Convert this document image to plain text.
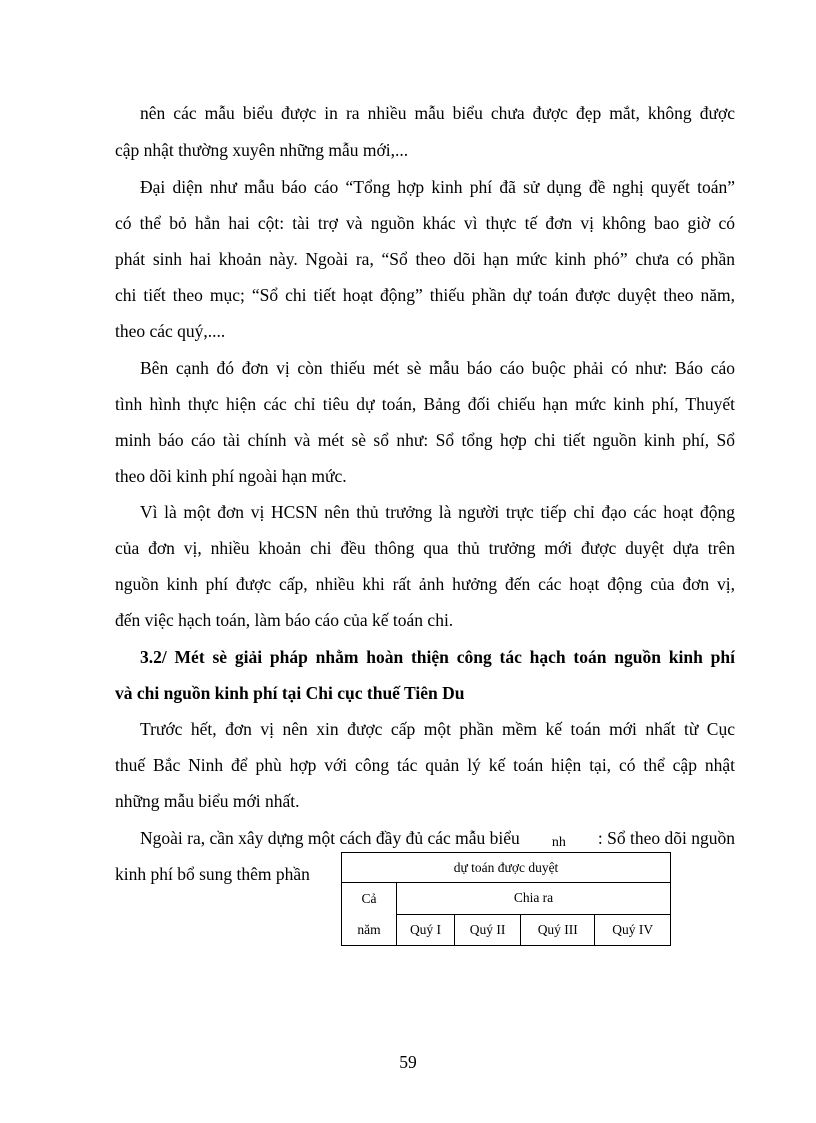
nên các mẫu biểu được in ra nhiều mẫu biểu chưa được đẹp mắt, không được
cập nhật thường xuyên những mẫu mới,...
Đại diện như mẫu báo cáo “Tổng hợp kinh phí đã sử dụng đề nghị quyết toán”
có thể bỏ hẳn hai cột: tài trợ và nguồn khác vì thực tế đơn vị không bao giờ có
phát sinh hai khoản này. Ngoài ra, “Sổ theo dõi hạn mức kinh phó” chưa có phần
chi tiết theo mục; “Sổ chi tiết hoạt động” thiếu phần dự toán được duyệt theo năm,
theo các quý,....
Bên cạnh đó đơn vị còn thiếu mét sè mẫu báo cáo buộc phải có như: Báo cáo
tình hình thực hiện các chỉ tiêu dự toán, Bảng đối chiếu hạn mức kinh phí, Thuyết
minh báo cáo tài chính và mét sè sổ như: Sổ tổng hợp chi tiết nguồn kinh phí, Sổ
theo dõi kinh phí ngoài hạn mức.
Vì là một đơn vị HCSN nên thủ trưởng là người trực tiếp chỉ đạo các hoạt động
của đơn vị, nhiều khoản chi đều thông qua thủ trưởng mới được duyệt dựa trên
nguồn kinh phí được cấp, nhiều khi rất ảnh hưởng đến các hoạt động của đơn vị,
đến việc hạch toán, làm báo cáo của kế toán chi.
3.2/ Mét sè giải pháp nhằm hoàn thiện công tác hạch toán nguồn kinh phí
và chi nguồn kinh phí tại Chi cục thuế Tiên Du
Trước hết, đơn vị nên xin được cấp một phần mềm kế toán mới nhất từ Cục
thuế Bắc Ninh để phù hợp với công tác quản lý kế toán hiện tại, có thể cập nhật
những mẫu biểu mới nhất.
Ngoài ra, cần xây dựng một cách đầy đủ các mẫu biểu nh : Sổ theo dõi nguồn
kinh phí bổ sung thêm phần	dự toán được duyệt				
Cả
năm	Chia ra			
	Quý I	Quý II	Quý III	Quý IV
59
